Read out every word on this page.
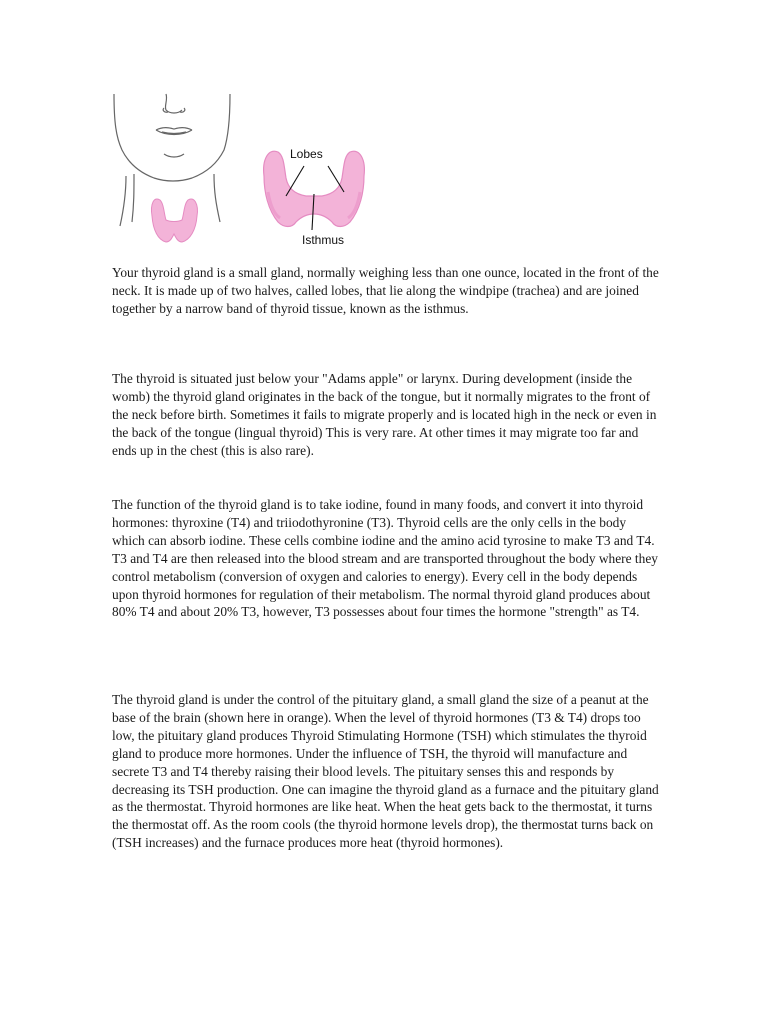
Lobes
Isthmus

Your thyroid gland is a small gland, normally weighing less than one ounce, located in the front of the neck. It is made up of two halves, called lobes, that lie along the windpipe (trachea) and are joined together by a narrow band of thyroid tissue, known as the isthmus.

The thyroid is situated just below your "Adams apple" or larynx. During development (inside the womb) the thyroid gland originates in the back of the tongue, but it normally migrates to the front of the neck before birth. Sometimes it fails to migrate properly and is located high in the neck or even in the back of the tongue (lingual thyroid) This is very rare. At other times it may migrate too far and ends up in the chest (this is also rare).

The function of the thyroid gland is to take iodine, found in many foods, and convert it into thyroid hormones: thyroxine (T4) and triiodothyronine (T3). Thyroid cells are the only cells in the body which can absorb iodine. These cells combine iodine and the amino acid tyrosine to make T3 and T4. T3 and T4 are then released into the blood stream and are transported throughout the body where they control metabolism (conversion of oxygen and calories to energy). Every cell in the body depends upon thyroid hormones for regulation of their metabolism. The normal thyroid gland produces about 80% T4 and about 20% T3, however, T3 possesses about four times the hormone "strength" as T4.

The thyroid gland is under the control of the pituitary gland, a small gland the size of a peanut at the base of the brain (shown here in orange). When the level of thyroid hormones (T3 & T4) drops too low, the pituitary gland produces Thyroid Stimulating Hormone (TSH) which stimulates the thyroid gland to produce more hormones. Under the influence of TSH, the thyroid will manufacture and secrete T3 and T4 thereby raising their blood levels. The pituitary senses this and responds by decreasing its TSH production. One can imagine the thyroid gland as a furnace and the pituitary gland as the thermostat. Thyroid hormones are like heat. When the heat gets back to the thermostat, it turns the thermostat off. As the room cools (the thyroid hormone levels drop), the thermostat turns back on (TSH increases) and the furnace produces more heat (thyroid hormones).
